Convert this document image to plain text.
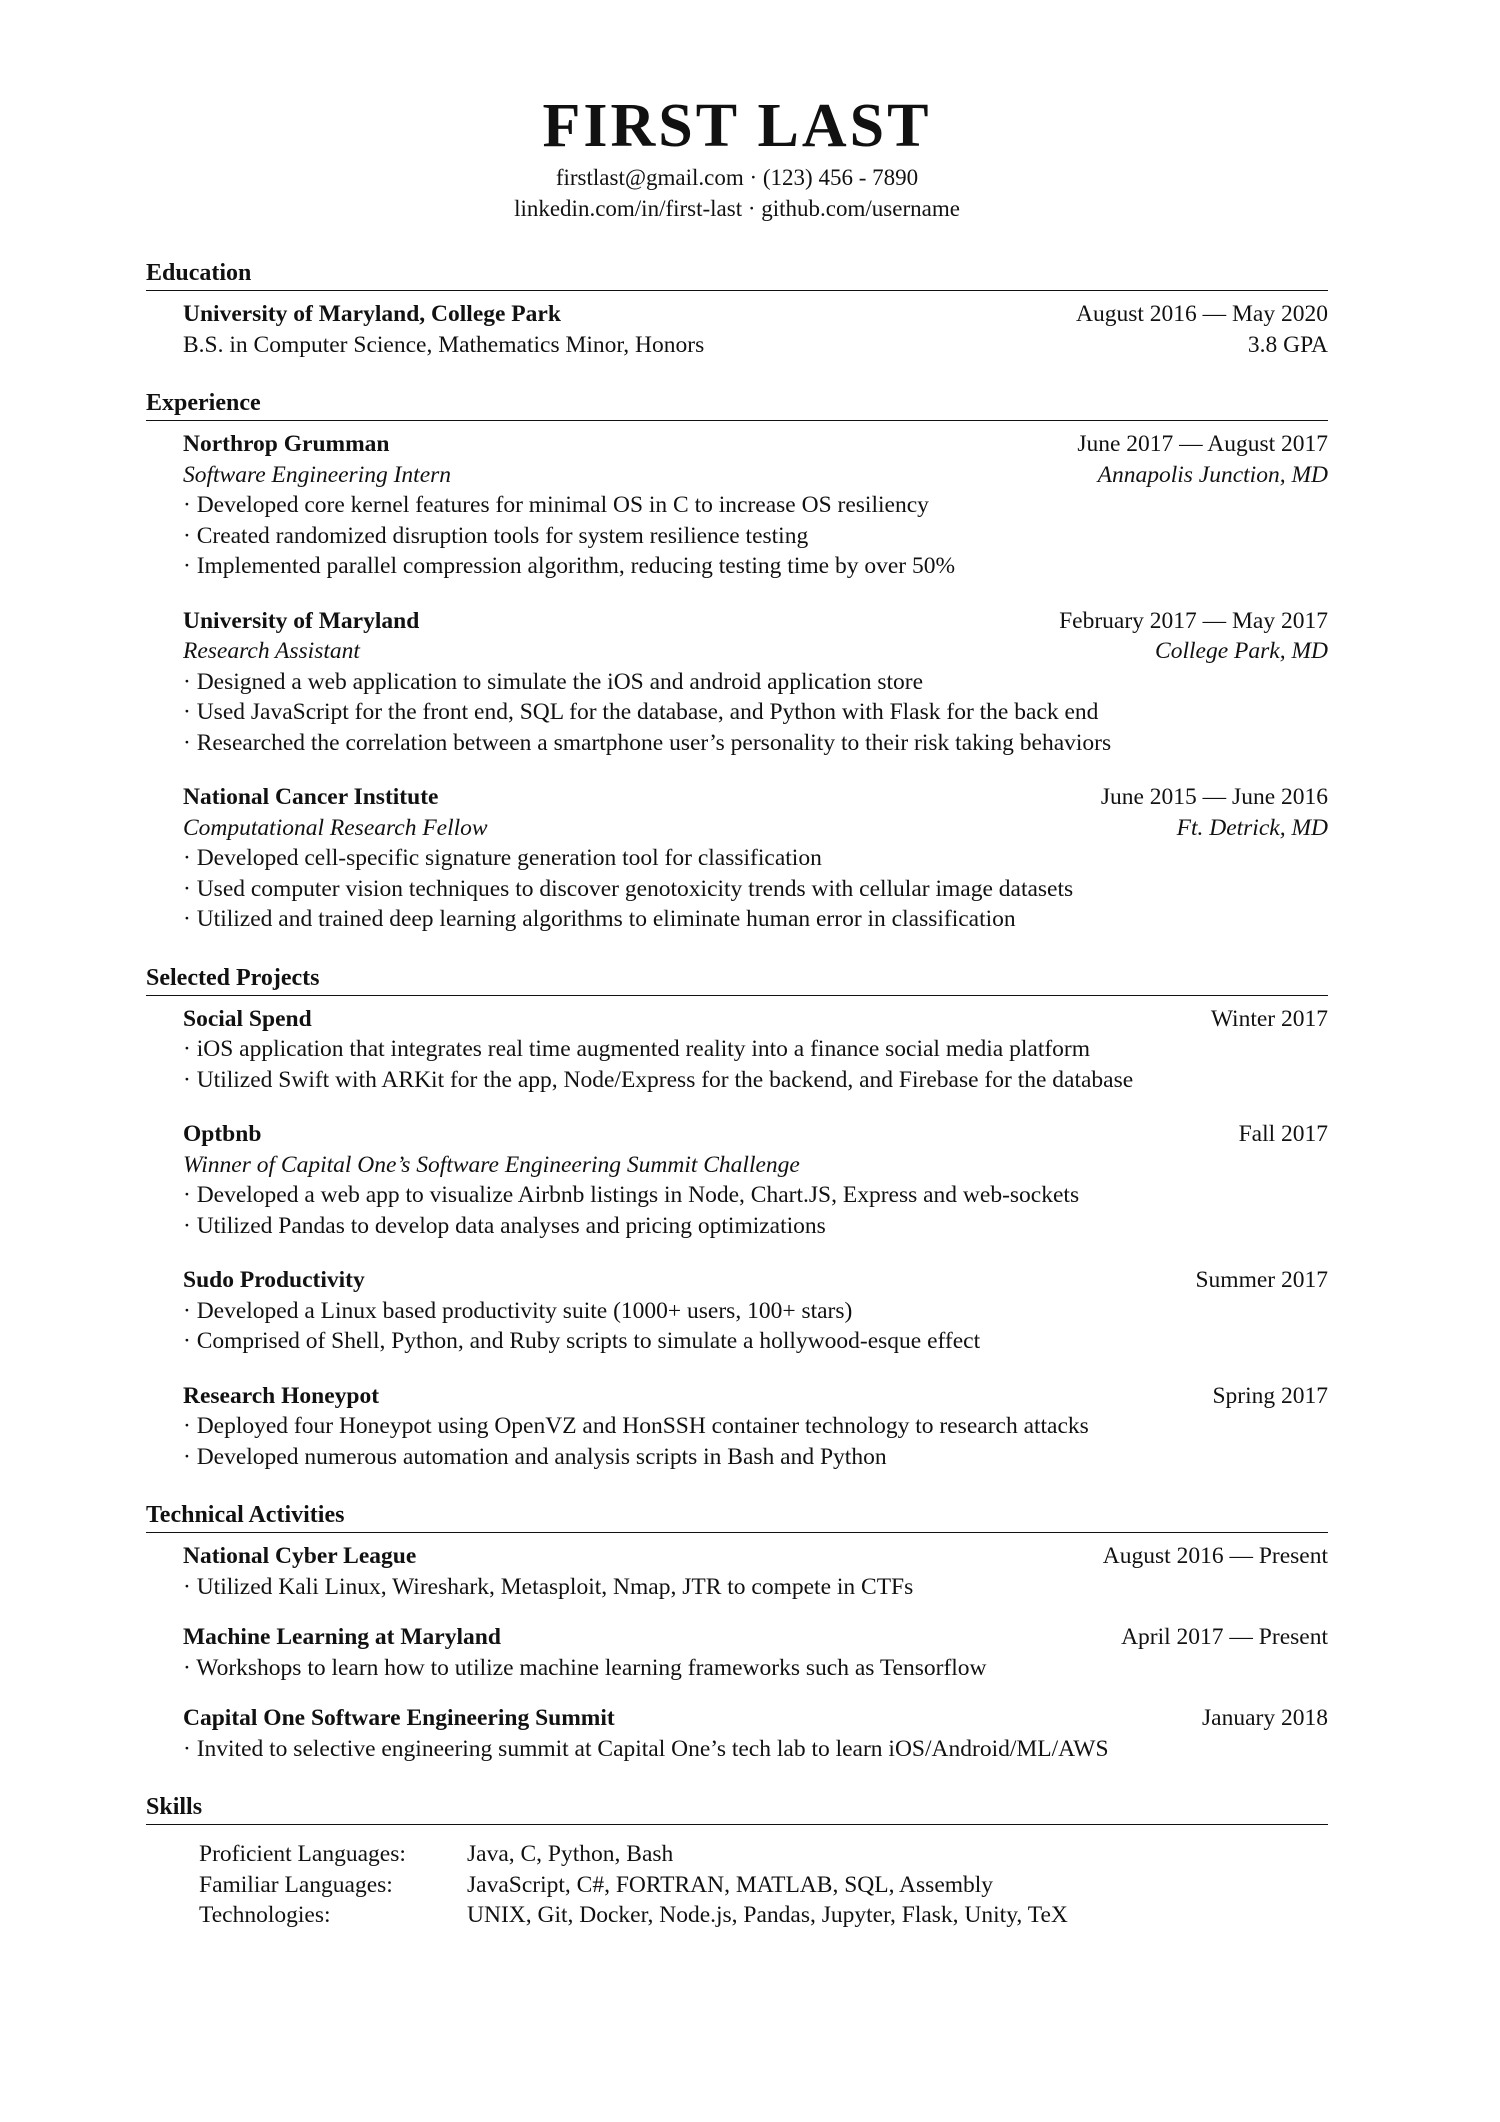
FIRST LAST
firstlast@gmail.com · (123) 456 - 7890
linkedin.com/in/first-last · github.com/username
Education
University of Maryland, College Park	August 2016 — May 2020
B.S. in Computer Science, Mathematics Minor, Honors	3.8 GPA
Experience
Northrop Grumman	June 2017 — August 2017
Software Engineering Intern	Annapolis Junction, MD
· Developed core kernel features for minimal OS in C to increase OS resiliency
· Created randomized disruption tools for system resilience testing
· Implemented parallel compression algorithm, reducing testing time by over 50%
University of Maryland	February 2017 — May 2017
Research Assistant	College Park, MD
· Designed a web application to simulate the iOS and android application store
· Used JavaScript for the front end, SQL for the database, and Python with Flask for the back end
· Researched the correlation between a smartphone user’s personality to their risk taking behaviors
National Cancer Institute	June 2015 — June 2016
Computational Research Fellow	Ft. Detrick, MD
· Developed cell-specific signature generation tool for classification
· Used computer vision techniques to discover genotoxicity trends with cellular image datasets
· Utilized and trained deep learning algorithms to eliminate human error in classification
Selected Projects
Social Spend	Winter 2017
· iOS application that integrates real time augmented reality into a finance social media platform
· Utilized Swift with ARKit for the app, Node/Express for the backend, and Firebase for the database
Optbnb	Fall 2017
Winner of Capital One’s Software Engineering Summit Challenge
· Developed a web app to visualize Airbnb listings in Node, Chart.JS, Express and web-sockets
· Utilized Pandas to develop data analyses and pricing optimizations
Sudo Productivity	Summer 2017
· Developed a Linux based productivity suite (1000+ users, 100+ stars)
· Comprised of Shell, Python, and Ruby scripts to simulate a hollywood-esque effect
Research Honeypot	Spring 2017
· Deployed four Honeypot using OpenVZ and HonSSH container technology to research attacks
· Developed numerous automation and analysis scripts in Bash and Python
Technical Activities
National Cyber League	August 2016 — Present
· Utilized Kali Linux, Wireshark, Metasploit, Nmap, JTR to compete in CTFs
Machine Learning at Maryland	April 2017 — Present
· Workshops to learn how to utilize machine learning frameworks such as Tensorflow
Capital One Software Engineering Summit	January 2018
· Invited to selective engineering summit at Capital One’s tech lab to learn iOS/Android/ML/AWS
Skills
Proficient Languages:	Java, C, Python, Bash
Familiar Languages:	JavaScript, C#, FORTRAN, MATLAB, SQL, Assembly
Technologies:	UNIX, Git, Docker, Node.js, Pandas, Jupyter, Flask, Unity, TeX
